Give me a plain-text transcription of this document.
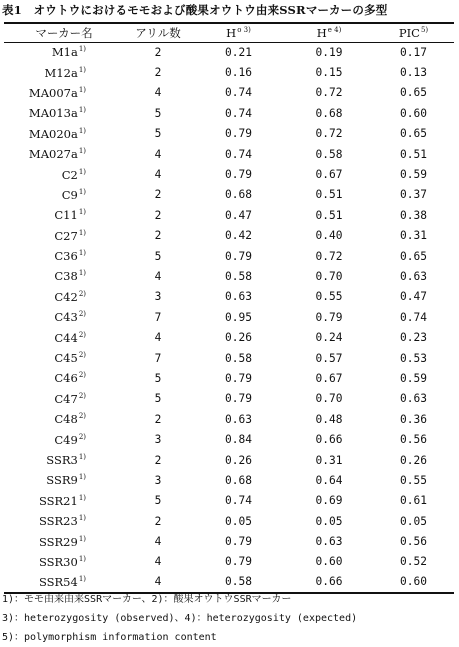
表1　オウトウにおけるモモおよび酸果オウトウ由来SSRマーカーの多型
マーカー名	アリル数	$H^{o 3)}$	$H^{e 4)}$	PIC$^{5)}$
$M1a^{1)}$	2	0.21	0.19	0.17
$M12a^{1)}$	2	0.16	0.15	0.13
$MA007a^{1)}$	4	0.74	0.72	0.65
$MA013a^{1)}$	5	0.74	0.68	0.60
$MA020a^{1)}$	5	0.79	0.72	0.65
$MA027a^{1)}$	4	0.74	0.58	0.51
C2$^{1)}$	4	0.79	0.67	0.59
C9$^{1)}$	2	0.68	0.51	0.37
C11$^{1)}$	2	0.47	0.51	0.38
C27$^{1)}$	2	0.42	0.40	0.31
C36$^{1)}$	5	0.79	0.72	0.65
C38$^{1)}$	4	0.58	0.70	0.63
C42$^{2)}$	3	0.63	0.55	0.47
C43$^{2)}$	7	0.95	0.79	0.74
C44$^{2)}$	4	0.26	0.24	0.23
C45$^{2)}$	7	0.58	0.57	0.53
C46$^{2)}$	5	0.79	0.67	0.59
C47$^{2)}$	5	0.79	0.70	0.63
C48$^{2)}$	2	0.63	0.48	0.36
C49$^{2)}$	3	0.84	0.66	0.56
SSR3$^{1)}$	2	0.26	0.31	0.26
SSR9$^{1)}$	3	0.68	0.64	0.55
SSR21$^{1)}$	5	0.74	0.69	0.61
SSR23$^{1)}$	2	0.05	0.05	0.05
SSR29$^{1)}$	4	0.79	0.63	0.56
SSR30$^{1)}$	4	0.79	0.60	0.52
SSR54$^{1)}$	4	0.58	0.66	0.60
1)：モモ由来由来SSRマーカー、2)：酸果オウトウSSRマーカー
3)：heterozygosity (observed)、4)：heterozygosity (expected)
5)：polymorphism information content
